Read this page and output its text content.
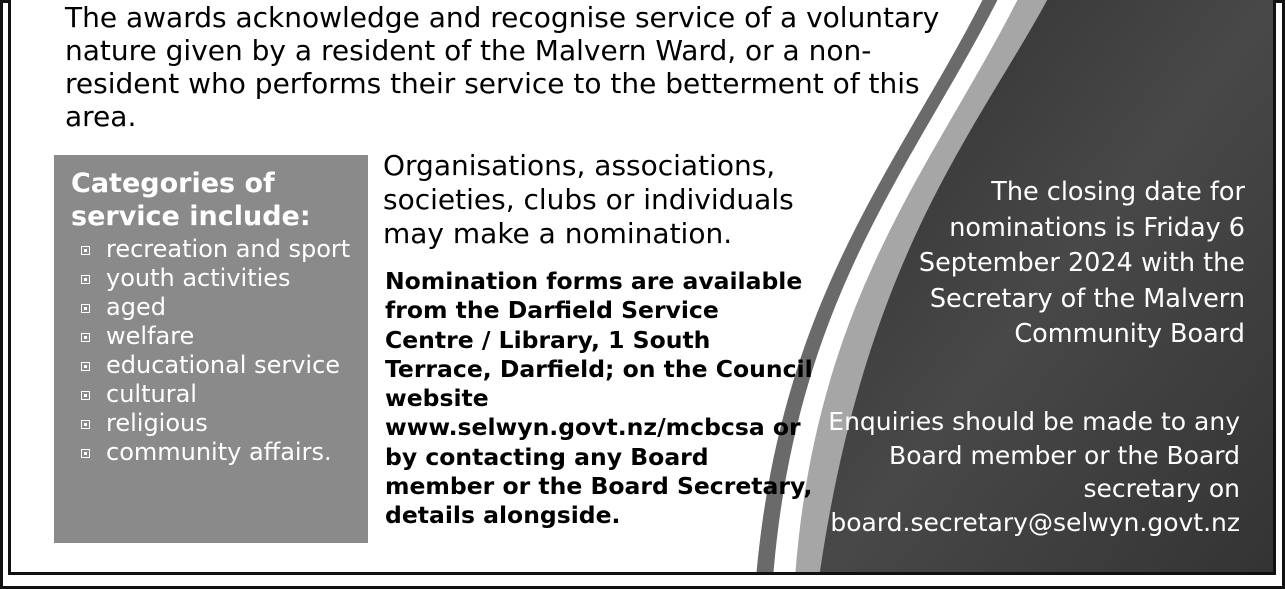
The awards acknowledge and recognise service of a voluntary nature given by a resident of the Malvern Ward, or a non-resident who performs their service to the betterment of this area.

Categories of service include:
recreation and sport
youth activities
aged
welfare
educational service
cultural
religious
community affairs.

Organisations, associations, societies, clubs or individuals may make a nomination.

Nomination forms are available from the Darfield Service Centre / Library, 1 South Terrace, Darfield; on the Council website www.selwyn.govt.nz/mcbcsa or by contacting any Board member or the Board Secretary, details alongside.

The closing date for nominations is Friday 6 September 2024 with the Secretary of the Malvern Community Board

Enquiries should be made to any Board member or the Board secretary on board.secretary@selwyn.govt.nz
